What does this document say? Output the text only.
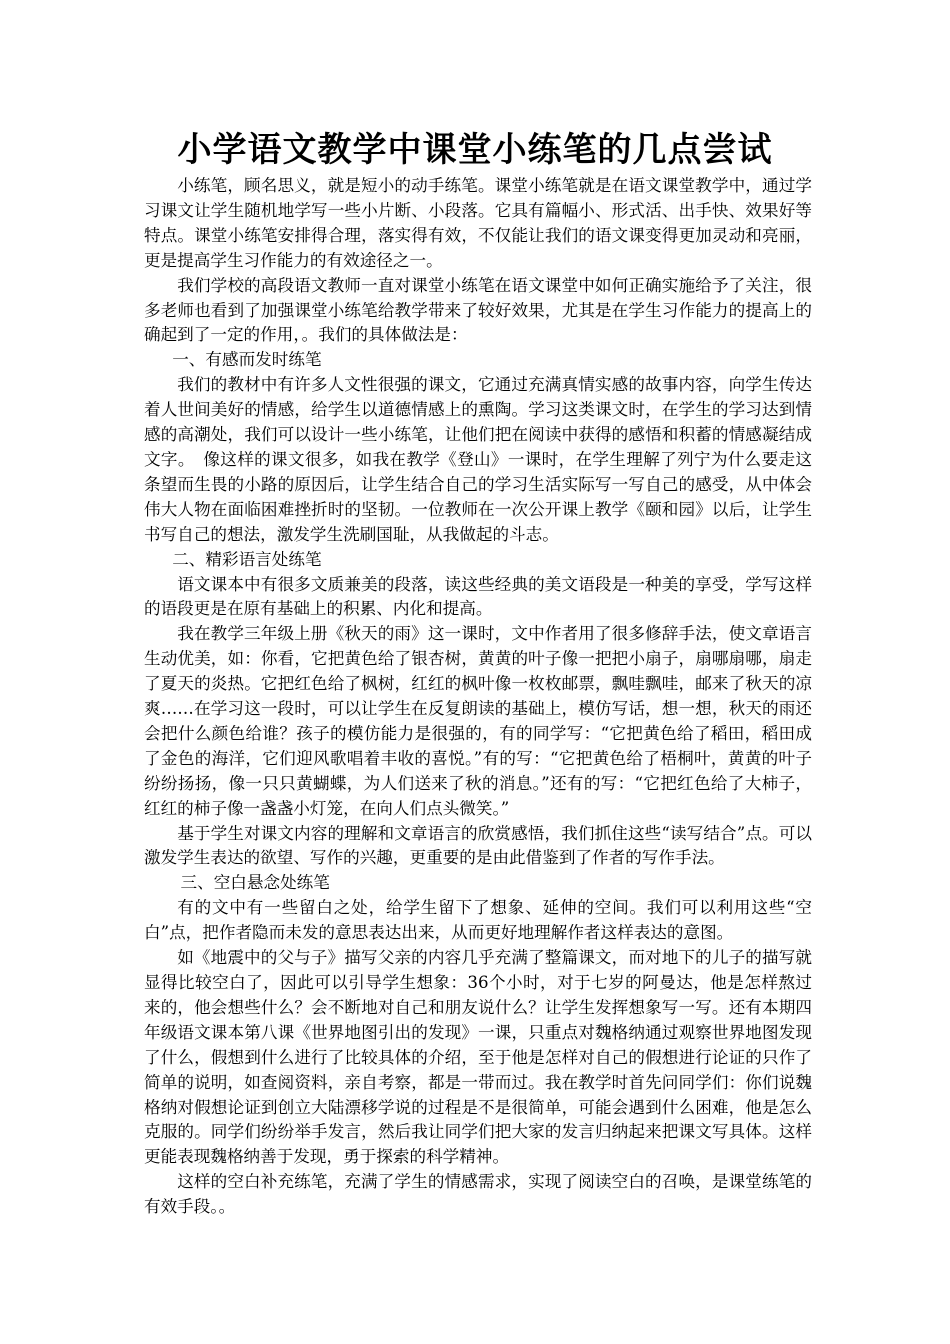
小学语文教学中课堂小练笔的几点尝试

小练笔，顾名思义，就是短小的动手练笔。课堂小练笔就是在语文课堂教学中，通过学习课文让学生随机地学写一些小片断、小段落。它具有篇幅小、形式活、出手快、效果好等特点。课堂小练笔安排得合理，落实得有效，不仅能让我们的语文课变得更加灵动和亮丽，更是提高学生习作能力的有效途径之一。

我们学校的高段语文教师一直对课堂小练笔在语文课堂中如何正确实施给予了关注，很多老师也看到了加强课堂小练笔给教学带来了较好效果，尤其是在学生习作能力的提高上的确起到了一定的作用，。我们的具体做法是：

一、有感而发时练笔

我们的教材中有许多人文性很强的课文，它通过充满真情实感的故事内容，向学生传达着人世间美好的情感，给学生以道德情感上的熏陶。学习这类课文时，在学生的学习达到情感的高潮处，我们可以设计一些小练笔，让他们把在阅读中获得的感悟和积蓄的情感凝结成文字。　像这样的课文很多，如我在教学《登山》一课时，在学生理解了列宁为什么要走这条望而生畏的小路的原因后，让学生结合自己的学习生活实际写一写自己的感受，从中体会伟大人物在面临困难挫折时的坚韧。一位教师在一次公开课上教学《颐和园》以后，让学生书写自己的想法，激发学生洗刷国耻，从我做起的斗志。

二、精彩语言处练笔

语文课本中有很多文质兼美的段落，读这些经典的美文语段是一种美的享受，学写这样的语段更是在原有基础上的积累、内化和提高。

我在教学三年级上册《秋天的雨》这一课时，文中作者用了很多修辞手法，使文章语言生动优美，如：你看，它把黄色给了银杏树，黄黄的叶子像一把把小扇子，扇哪扇哪，扇走了夏天的炎热。它把红色给了枫树，红红的枫叶像一枚枚邮票，飘哇飘哇，邮来了秋天的凉爽……在学习这一段时，可以让学生在反复朗读的基础上，模仿写话，想一想，秋天的雨还会把什么颜色给谁？孩子的模仿能力是很强的，有的同学写：“它把黄色给了稻田，稻田成了金色的海洋，它们迎风歌唱着丰收的喜悦。”有的写：“它把黄色给了梧桐叶，黄黄的叶子纷纷扬扬，像一只只黄蝴蝶，为人们送来了秋的消息。”还有的写：“它把红色给了大柿子，红红的柿子像一盏盏小灯笼，在向人们点头微笑。”

基于学生对课文内容的理解和文章语言的欣赏感悟，我们抓住这些“读写结合”点。可以激发学生表达的欲望、写作的兴趣，更重要的是由此借鉴到了作者的写作手法。

三、空白悬念处练笔

有的文中有一些留白之处，给学生留下了想象、延伸的空间。我们可以利用这些“空白”点，把作者隐而未发的意思表达出来，从而更好地理解作者这样表达的意图。

如《地震中的父与子》描写父亲的内容几乎充满了整篇课文，而对地下的儿子的描写就显得比较空白了，因此可以引导学生想象：36个小时，对于七岁的阿曼达，他是怎样熬过来的，他会想些什么？会不断地对自己和朋友说什么？让学生发挥想象写一写。还有本期四年级语文课本第八课《世界地图引出的发现》一课，只重点对魏格纳通过观察世界地图发现了什么，假想到什么进行了比较具体的介绍，至于他是怎样对自己的假想进行论证的只作了简单的说明，如查阅资料，亲自考察，都是一带而过。我在教学时首先问同学们：你们说魏格纳对假想论证到创立大陆漂移学说的过程是不是很简单，可能会遇到什么困难，他是怎么克服的。同学们纷纷举手发言，然后我让同学们把大家的发言归纳起来把课文写具体。这样更能表现魏格纳善于发现，勇于探索的科学精神。

这样的空白补充练笔，充满了学生的情感需求，实现了阅读空白的召唤，是课堂练笔的有效手段。。
